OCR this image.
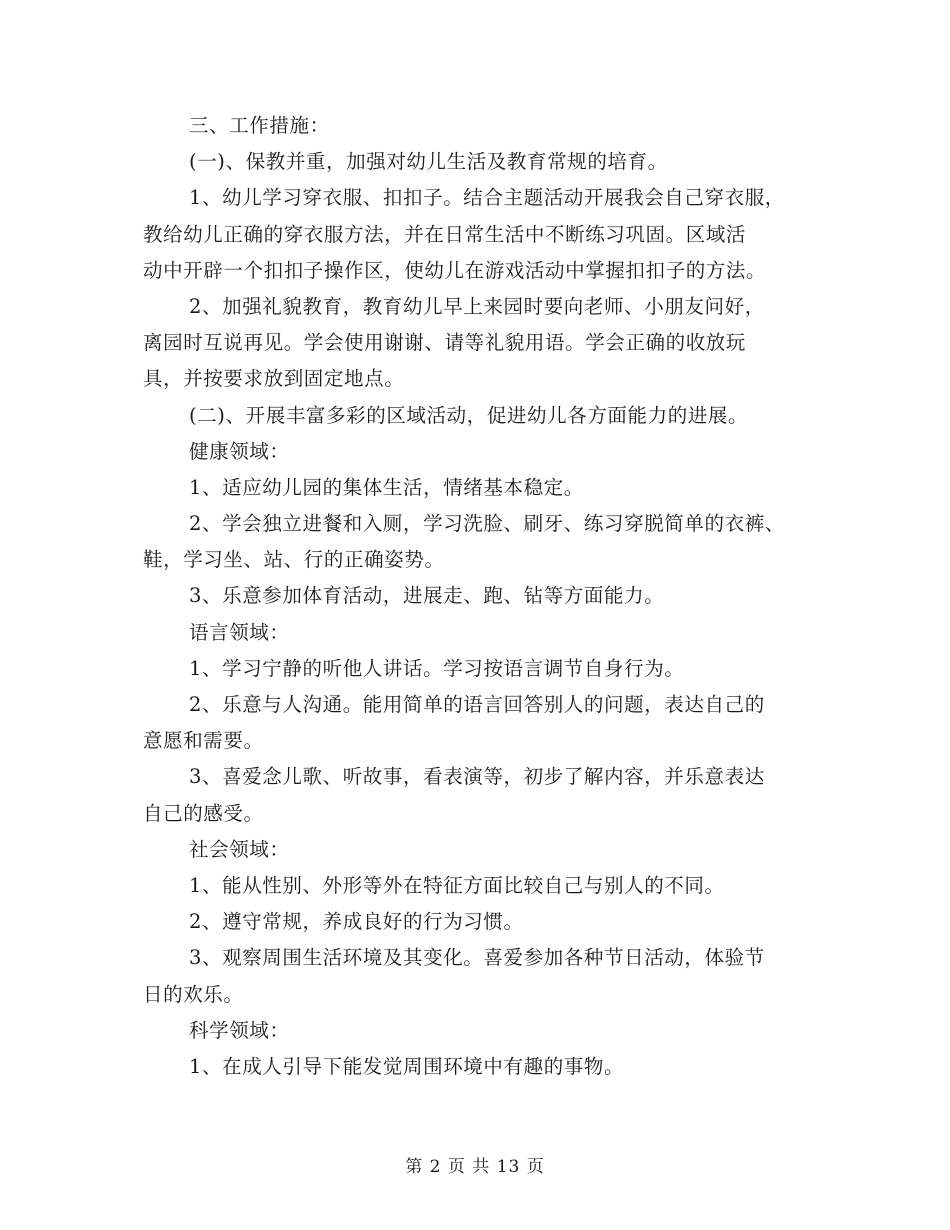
三、工作措施：
(一)、保教并重，加强对幼儿生活及教育常规的培育。
1、幼儿学习穿衣服、扣扣子。结合主题活动开展我会自己穿衣服，
教给幼儿正确的穿衣服方法，并在日常生活中不断练习巩固。区域活
动中开辟一个扣扣子操作区，使幼儿在游戏活动中掌握扣扣子的方法。
2、加强礼貌教育，教育幼儿早上来园时要向老师、小朋友问好，
离园时互说再见。学会使用谢谢、请等礼貌用语。学会正确的收放玩
具，并按要求放到固定地点。
(二)、开展丰富多彩的区域活动，促进幼儿各方面能力的进展。
健康领域：
1、适应幼儿园的集体生活，情绪基本稳定。
2、学会独立进餐和入厕，学习洗脸、刷牙、练习穿脱简单的衣裤、
鞋，学习坐、站、行的正确姿势。
3、乐意参加体育活动，进展走、跑、钻等方面能力。
语言领域：
1、学习宁静的听他人讲话。学习按语言调节自身行为。
2、乐意与人沟通。能用简单的语言回答别人的问题，表达自己的
意愿和需要。
3、喜爱念儿歌、听故事，看表演等，初步了解内容，并乐意表达
自己的感受。
社会领域：
1、能从性别、外形等外在特征方面比较自己与别人的不同。
2、遵守常规，养成良好的行为习惯。
3、观察周围生活环境及其变化。喜爱参加各种节日活动，体验节
日的欢乐。
科学领域：
1、在成人引导下能发觉周围环境中有趣的事物。
第 2 页 共 13 页
